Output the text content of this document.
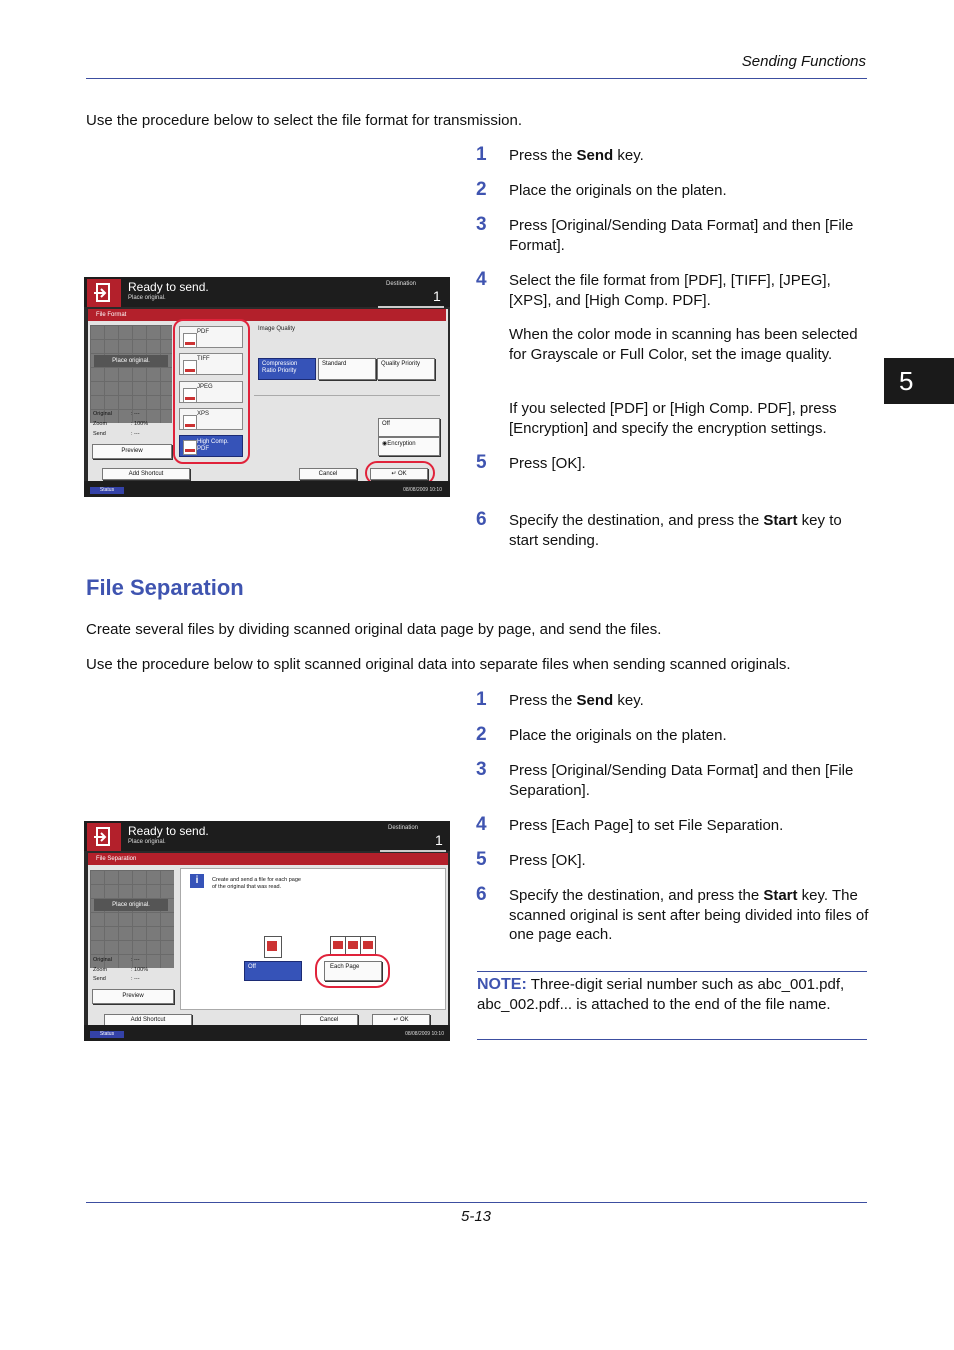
Sending Functions
5
Use the procedure below to select the file format for transmission.
1 Press the Send key.
2 Place the originals on the platen.
3 Press [Original/Sending Data Format] and then [File Format].
4 Select the file format from [PDF], [TIFF], [JPEG], [XPS], and [High Comp. PDF].
When the color mode in scanning has been selected for Grayscale or Full Color, set the image quality.
If you selected [PDF] or [High Comp. PDF], press [Encryption] and specify the encryption settings.
5 Press [OK].
6 Specify the destination, and press the Start key to start sending.
Ready to send.
Place original.
Destination
1
File Format
Place original.
Original	: ---
Zoom	: 100%
Send	: ---
Preview
PDF
TIFF
JPEG
XPS
High Comp. PDF
Image Quality
Compression Ratio Priority
Standard	Quality Priority
Off
◉Encryption
Add Shortcut	Cancel	↵ OK
Status	08/08/2009 10:10
File Separation
Create several files by dividing scanned original data page by page, and send the files.
Use the procedure below to split scanned original data into separate files when sending scanned originals.
1 Press the Send key.
2 Place the originals on the platen.
3 Press [Original/Sending Data Format] and then [File Separation].
4 Press [Each Page] to set File Separation.
5 Press [OK].
6 Specify the destination, and press the Start key. The scanned original is sent after being divided into files of one page each.
NOTE: Three-digit serial number such as abc_001.pdf, abc_002.pdf... is attached to the end of the file name.
Ready to send.
Place original.
Destination
1
File Separation
Place original.
Original	: ---
Zoom	: 100%
Send	: ---
Preview
i	Create and send a file for each page
of the original that was read.
Off	Each Page
Add Shortcut	Cancel	↵ OK
Status	08/08/2009 10:10
5-13
